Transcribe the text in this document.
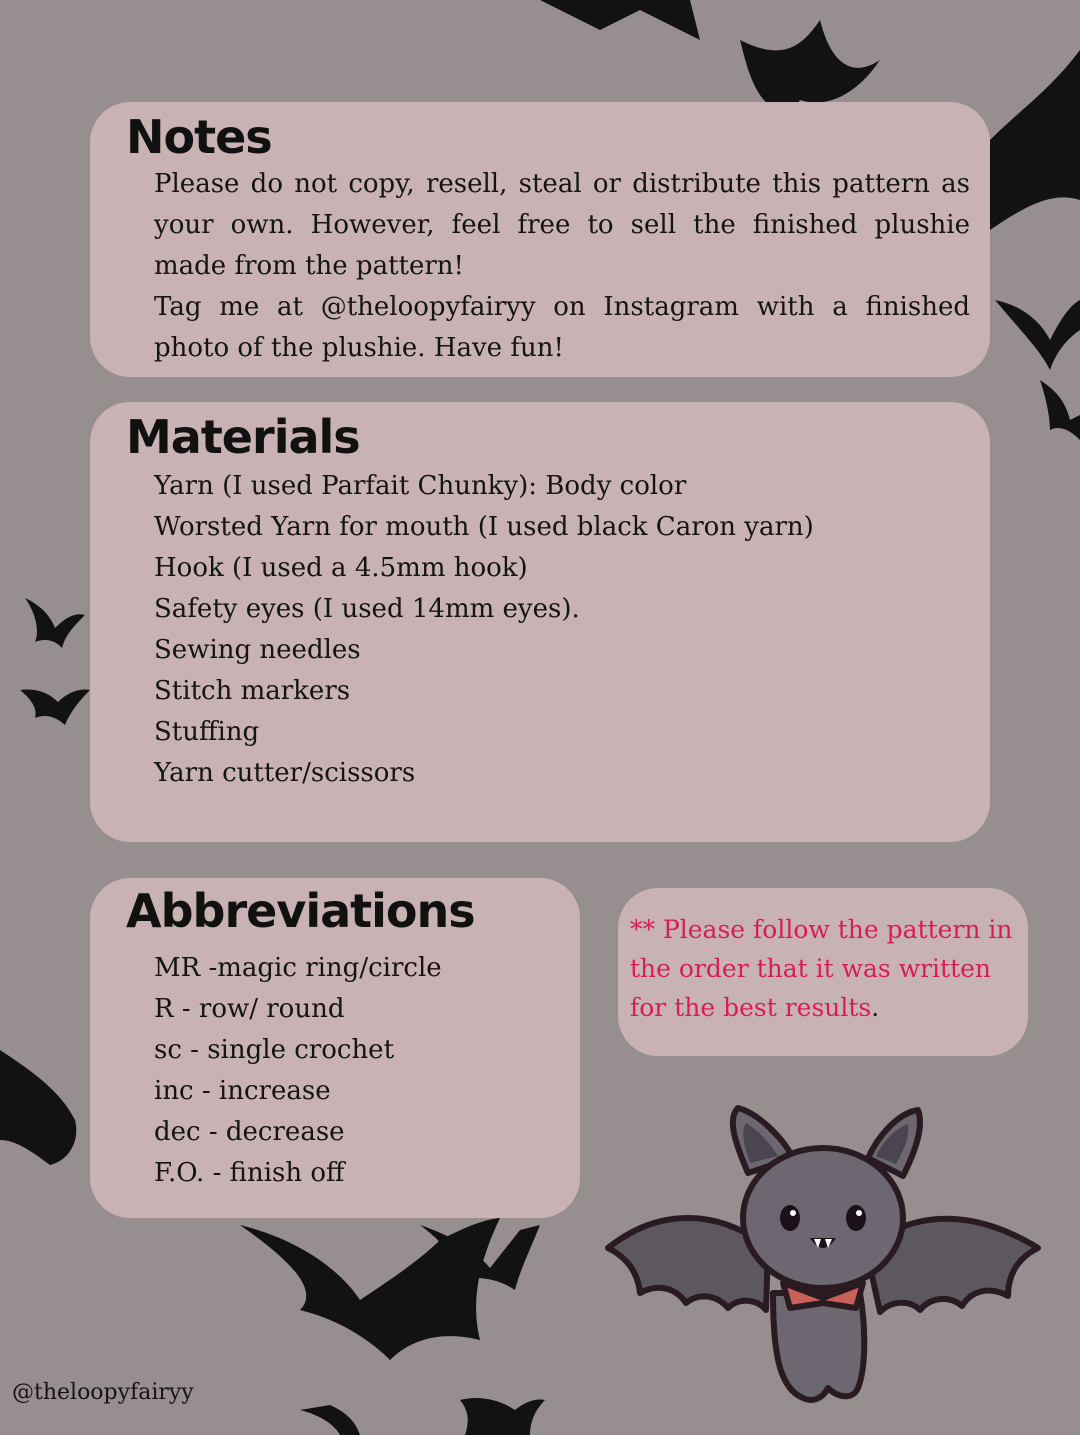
Notes

Please do not copy, resell, steal or distribute this pattern as your own. However, feel free to sell the finished plushie made from the pattern!

Tag me at @theloopyfairyy on Instagram with a finished photo of the plushie. Have fun!

Materials
Yarn (I used Parfait Chunky): Body color
Worsted Yarn for mouth (I used black Caron yarn)
Hook (I used a 4.5mm hook)
Safety eyes (I used 14mm eyes).
Sewing needles
Stitch markers
Stuffing
Yarn cutter/scissors
Abbreviations
MR -magic ring/circle
R - row/ round
sc - single crochet
inc - increase
dec - decrease
F.O. - finish off
** Please follow the pattern in the order that it was written for the best results.
@theloopyfairyy
